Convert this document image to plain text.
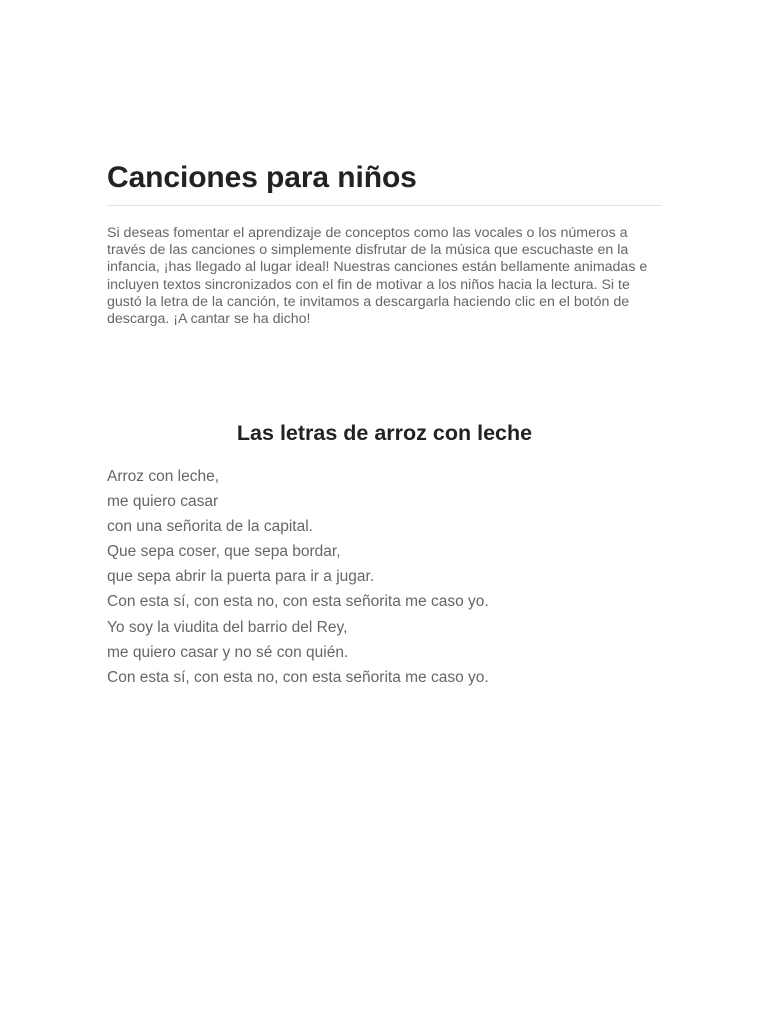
Canciones para niños

Si deseas fomentar el aprendizaje de conceptos como las vocales o los números a través de las canciones o simplemente disfrutar de la música que escuchaste en la infancia, ¡has llegado al lugar ideal! Nuestras canciones están bellamente animadas e incluyen textos sincronizados con el fin de motivar a los niños hacia la lectura. Si te gustó la letra de la canción, te invitamos a descargarla haciendo clic en el botón de descarga. ¡A cantar se ha dicho!

Las letras de arroz con leche
Arroz con leche,
me quiero casar
con una señorita de la capital.
Que sepa coser, que sepa bordar,
que sepa abrir la puerta para ir a jugar.
Con esta sí, con esta no, con esta señorita me caso yo.
Yo soy la viudita del barrio del Rey,
me quiero casar y no sé con quién.
Con esta sí, con esta no, con esta señorita me caso yo.
